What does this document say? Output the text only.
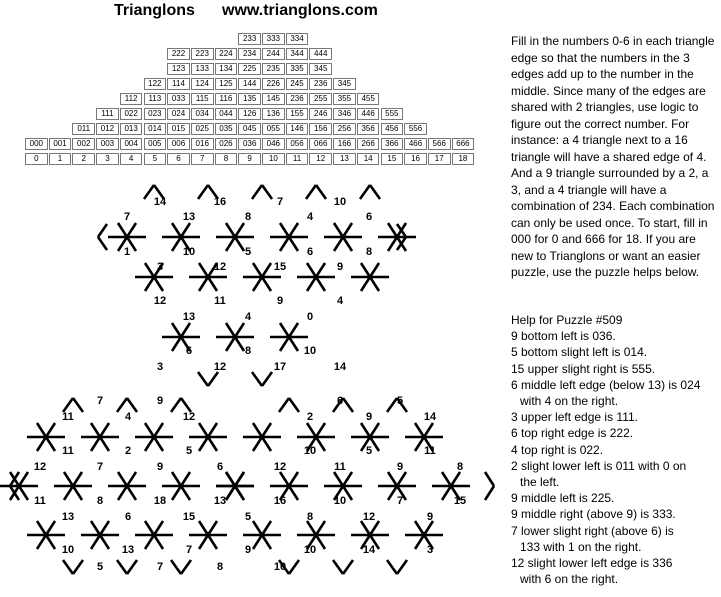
Trianglons www.trianglons.com
233	333	334
222	223	224	234	244	344	444
123	133	134	225	235	335	345
122	114	124	125	144	226	245	236	345
112	113	033	115	116	135	145	236	255	355	455
111	022	023	024	034	044	126	136	155	246	346	446	555
011	012	013	014	015	025	035	045	055	146	156	256	356	456	556
000	001	002	003	004	005	006	016	026	036	046	056	066	166	266	366	466	566	666
0	1	2	3	4	5	6	7	8	9	10	11	12	13	14	15	16	17	18
14	16	7	10
7	13	8	4	6
1	10	5	6	8
3	12	15	9
12	11	9	4
13	4	0
6	8	10
3	12	17	14
7	9	6	5
11	4	12	2	9	14
11	2	5	10	5	11
12	7	9	6	12	11	9	8
11	8	18	13	16	10	7	15
13	6	15	5	8	12	9
10	13	7	9	10	14	3
5	7	8	10

Fill in the numbers 0-6 in each triangle edge so that the numbers in the 3 edges add up to the number in the middle. Since many of the edges are shared with 2 triangles, use logic to figure out the correct number. For instance: a 4 triangle next to a 16 triangle will have a shared edge of 4. And a 9 triangle surrounded by a 2, a 3, and a 4 triangle will have a combination of 234. Each combination can only be used once. To start, fill in 000 for 0 and 666 for 18. If you are new to Trianglons or want an easier puzzle, use the puzzle helps below.

Help for Puzzle #509
9 bottom left is 036.
5 bottom slight left is 014.
15 upper slight right is 555.
6 middle left edge (below 13) is 024
with 4 on the right.
3 upper left edge is 111.
6 top right edge is 222.
4 top right is 022.
2 slight lower left is 011 with 0 on
the left.
9 middle left is 225.
9 middle right (above 9) is 333.
7 lower slight right (above 6) is
133 with 1 on the right.
12 slight lower left edge is 336
with 6 on the right.
